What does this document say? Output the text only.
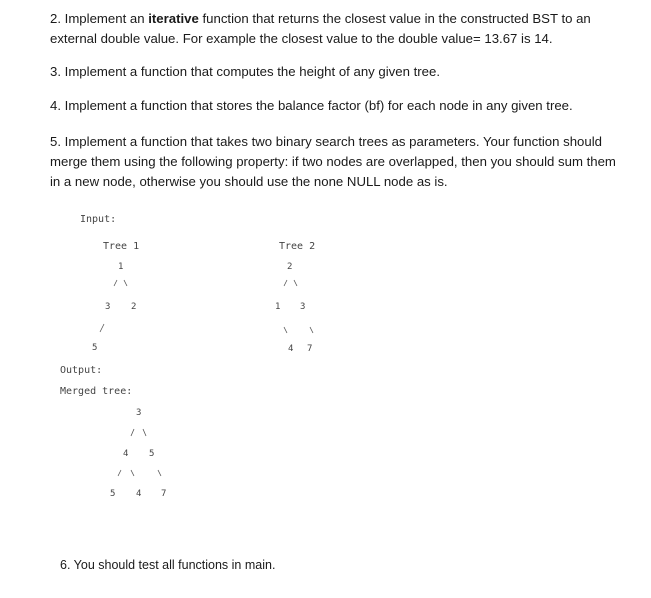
2. Implement an iterative function that returns the closest value in the constructed BST to an external double value. For example the closest value to the double value= 13.67 is 14.

3. Implement a function that computes the height of any given tree.

4. Implement a function that stores the balance factor (bf) for each node in any given tree.

5. Implement a function that takes two binary search trees as parameters. Your function should merge them using the following property: if two nodes are overlapped, then you should sum them in a new node, otherwise you should use the none NULL node as is.

Input:
Tree 1
1
3 2
5
Tree 2
2
1 3
4 7
Output:
Merged tree:
3
4 5
5 4 7
6. You should test all functions in main.
